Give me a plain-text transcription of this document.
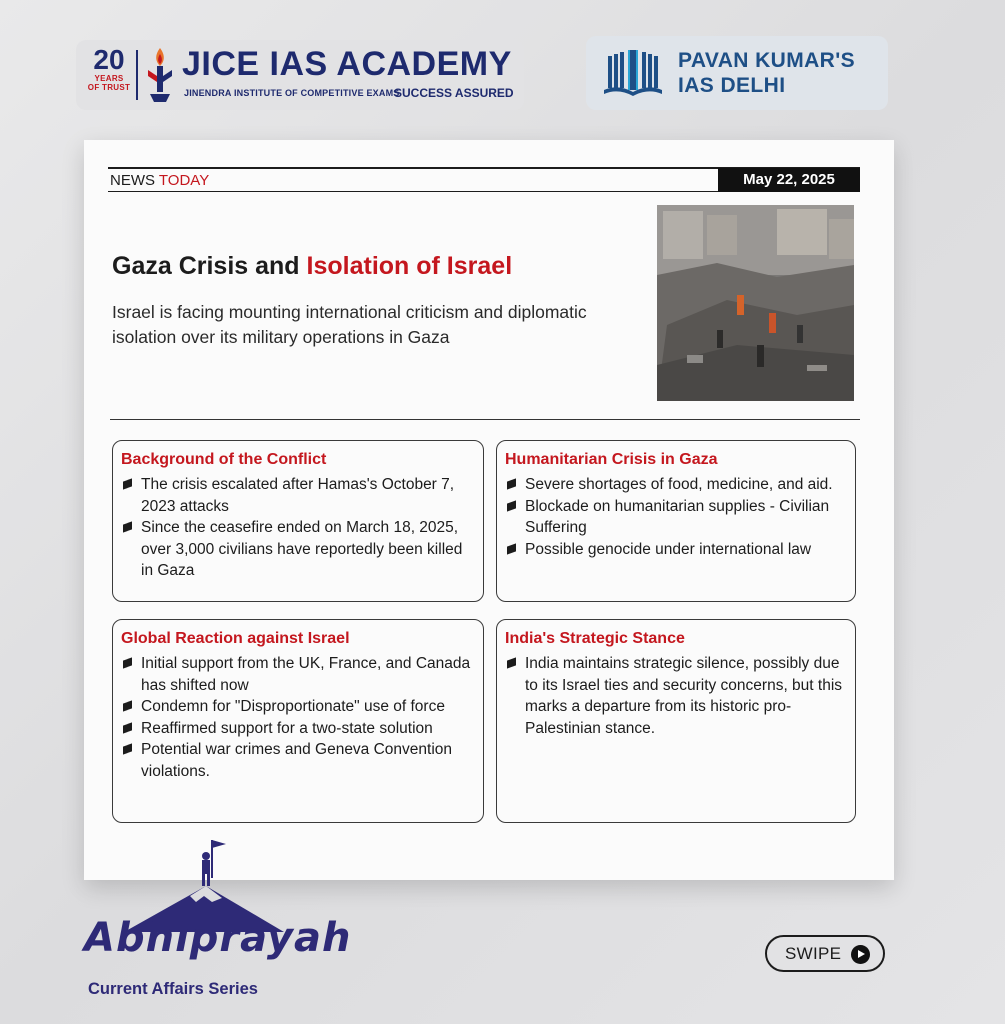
20
YEARS
OF TRUST
JICE IAS ACADEMY
JINENDRA INSTITUTE OF COMPETITIVE EXAMS
SUCCESS ASSURED
PAVAN KUMAR'S
IAS DELHI
NEWS TODAY	May 22, 2025
Gaza Crisis and Isolation of Israel
Israel is facing mounting international criticism and diplomatic isolation over its military operations in Gaza
Background of the Conflict
The crisis escalated after Hamas's October 7, 2023 attacks
Since the ceasefire ended on March 18, 2025, over 3,000 civilians have reportedly been killed in Gaza
Humanitarian Crisis in Gaza
Severe shortages of food, medicine, and aid.
Blockade on humanitarian supplies - Civilian Suffering
Possible genocide under international law
Global Reaction against Israel
Initial support from the UK, France, and Canada has shifted now
Condemn for "Disproportionate" use of force
Reaffirmed support for a two-state solution
Potential war crimes and Geneva Convention violations.
India's Strategic Stance
India maintains strategic silence, possibly due to its Israel ties and security concerns, but this marks a departure from its historic pro-Palestinian stance.
Abhiprayah
Current Affairs Series
SWIPE
